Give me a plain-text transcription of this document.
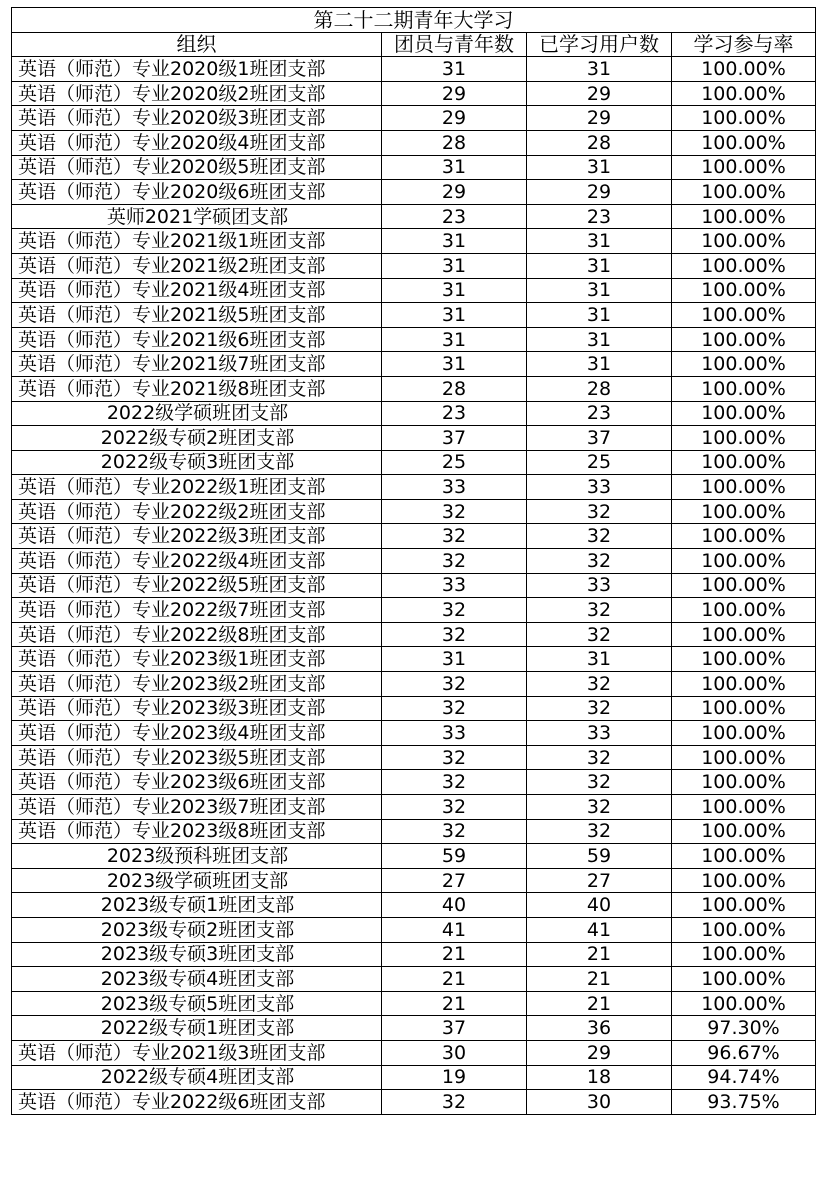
第二十二期青年大学习			
组织	团员与青年数	已学习用户数	学习参与率
英语（师范）专业2020级1班团支部	31	31	100.00%
英语（师范）专业2020级2班团支部	29	29	100.00%
英语（师范）专业2020级3班团支部	29	29	100.00%
英语（师范）专业2020级4班团支部	28	28	100.00%
英语（师范）专业2020级5班团支部	31	31	100.00%
英语（师范）专业2020级6班团支部	29	29	100.00%
英师2021学硕团支部	23	23	100.00%
英语（师范）专业2021级1班团支部	31	31	100.00%
英语（师范）专业2021级2班团支部	31	31	100.00%
英语（师范）专业2021级4班团支部	31	31	100.00%
英语（师范）专业2021级5班团支部	31	31	100.00%
英语（师范）专业2021级6班团支部	31	31	100.00%
英语（师范）专业2021级7班团支部	31	31	100.00%
英语（师范）专业2021级8班团支部	28	28	100.00%
2022级学硕班团支部	23	23	100.00%
2022级专硕2班团支部	37	37	100.00%
2022级专硕3班团支部	25	25	100.00%
英语（师范）专业2022级1班团支部	33	33	100.00%
英语（师范）专业2022级2班团支部	32	32	100.00%
英语（师范）专业2022级3班团支部	32	32	100.00%
英语（师范）专业2022级4班团支部	32	32	100.00%
英语（师范）专业2022级5班团支部	33	33	100.00%
英语（师范）专业2022级7班团支部	32	32	100.00%
英语（师范）专业2022级8班团支部	32	32	100.00%
英语（师范）专业2023级1班团支部	31	31	100.00%
英语（师范）专业2023级2班团支部	32	32	100.00%
英语（师范）专业2023级3班团支部	32	32	100.00%
英语（师范）专业2023级4班团支部	33	33	100.00%
英语（师范）专业2023级5班团支部	32	32	100.00%
英语（师范）专业2023级6班团支部	32	32	100.00%
英语（师范）专业2023级7班团支部	32	32	100.00%
英语（师范）专业2023级8班团支部	32	32	100.00%
2023级预科班团支部	59	59	100.00%
2023级学硕班团支部	27	27	100.00%
2023级专硕1班团支部	40	40	100.00%
2023级专硕2班团支部	41	41	100.00%
2023级专硕3班团支部	21	21	100.00%
2023级专硕4班团支部	21	21	100.00%
2023级专硕5班团支部	21	21	100.00%
2022级专硕1班团支部	37	36	97.30%
英语（师范）专业2021级3班团支部	30	29	96.67%
2022级专硕4班团支部	19	18	94.74%
英语（师范）专业2022级6班团支部	32	30	93.75%
